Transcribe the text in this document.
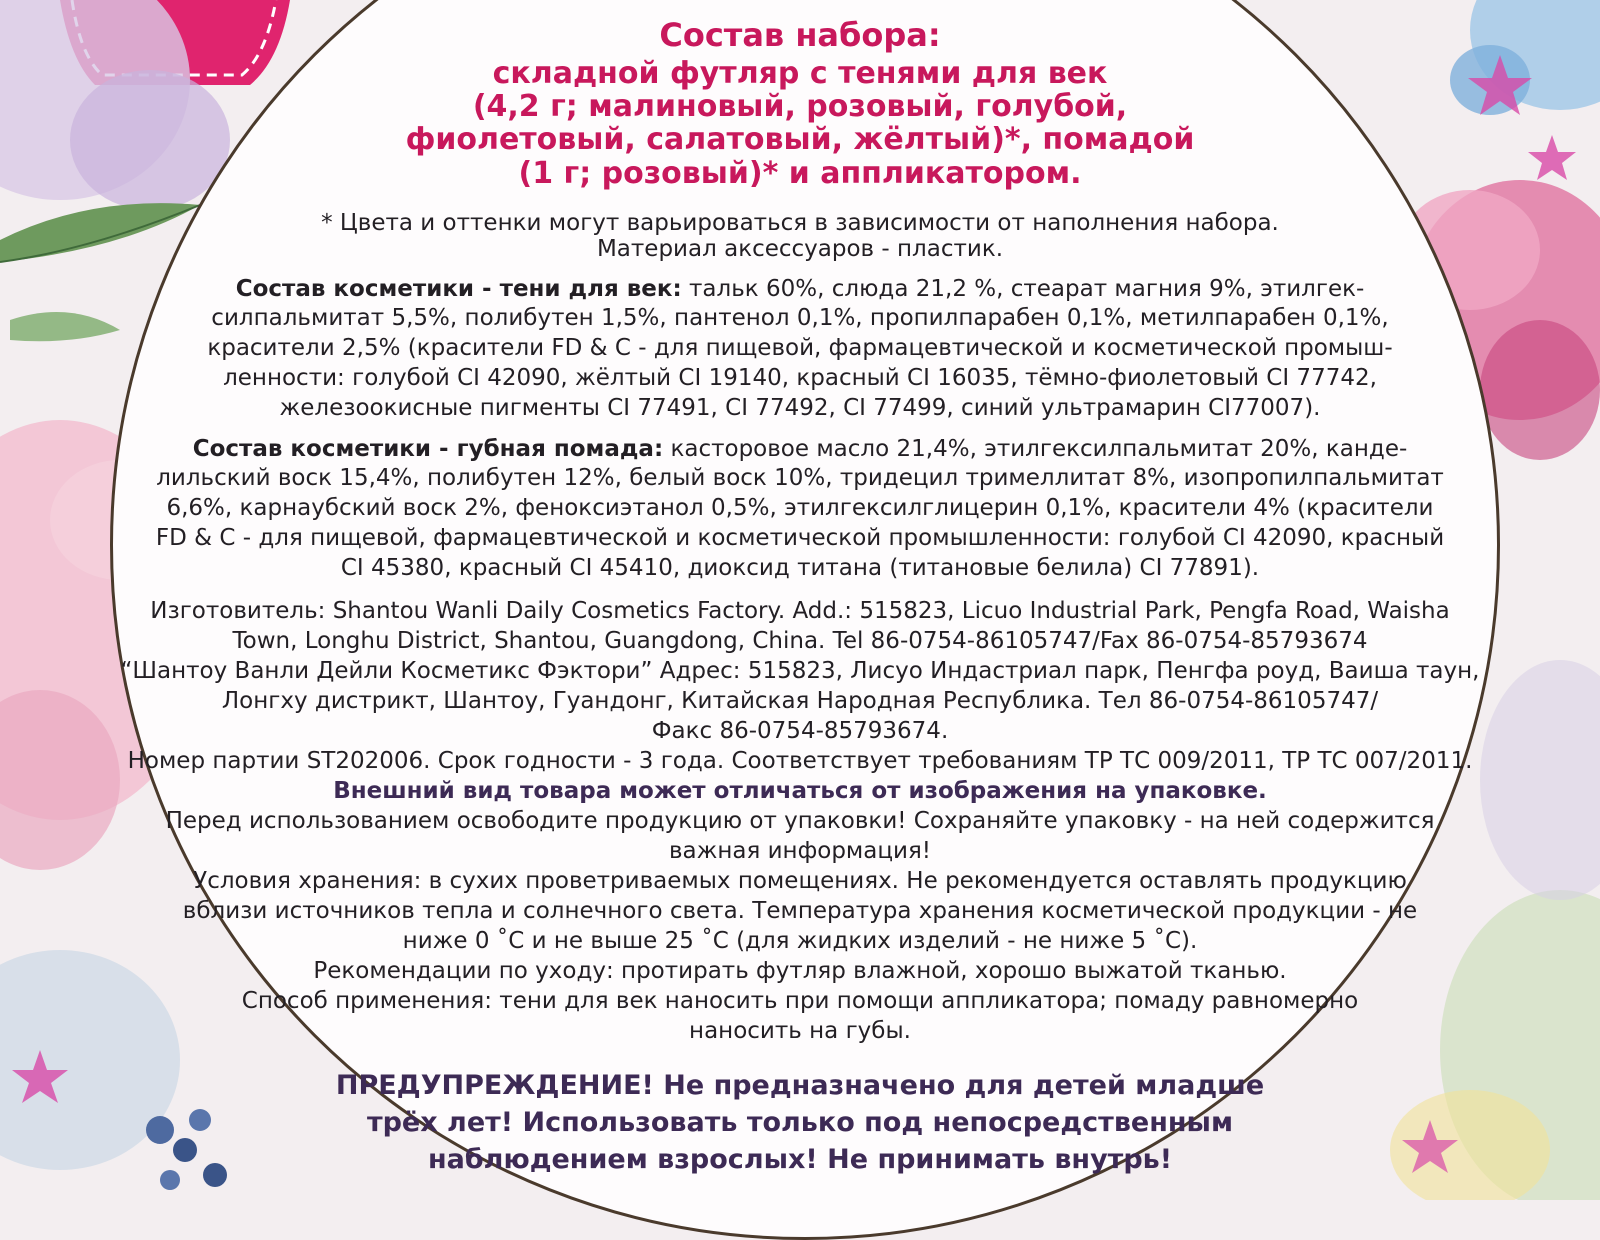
Состав набора:
складной футляр с тенями для век
(4,2 г; малиновый, розовый, голубой,
фиолетовый, салатовый, жёлтый)*, помадой
(1 г; розовый)* и аппликатором.
* Цвета и оттенки могут варьироваться в зависимости от наполнения набора.
Материал аксессуаров - пластик.
Состав косметики - тени для век: тальк 60%, слюда 21,2 %, стеарат магния 9%, этилгек-
силпальмитат 5,5%, полибутен 1,5%, пантенол 0,1%, пропилпарабен 0,1%, метилпарабен 0,1%,
красители 2,5% (красители FD & C - для пищевой, фармацевтической и косметической промыш-
ленности: голубой CI 42090, жёлтый CI 19140, красный CI 16035, тёмно-фиолетовый CI 77742,
железоокисные пигменты CI 77491, CI 77492, CI 77499, синий ультрамарин CI77007).
Состав косметики - губная помада: касторовое масло 21,4%, этилгексилпальмитат 20%, канде-
лильский воск 15,4%, полибутен 12%, белый воск 10%, тридецил тримеллитат 8%, изопропилпальмитат
6,6%, карнаубский воск 2%, феноксиэтанол 0,5%, этилгексилглицерин 0,1%, красители 4% (красители
FD & C - для пищевой, фармацевтической и косметической промышленности: голубой CI 42090, красный
CI 45380, красный CI 45410, диоксид титана (титановые белила) CI 77891).
Изготовитель: Shantou Wanli Daily Cosmetics Factory. Add.: 515823, Licuo Industrial Park, Pengfa Road, Waisha
Town, Longhu District, Shantou, Guangdong, China. Tel 86-0754-86105747/Fax 86-0754-85793674
“Шантоу Ванли Дейли Косметикс Фэктори” Адрес: 515823, Лисуо Индастриал парк, Пенгфа роуд, Ваиша таун,
Лонгху дистрикт, Шантоу, Гуандонг, Китайская Народная Республика. Тел 86-0754-86105747/
Факс 86-0754-85793674.
Номер партии ST202006. Срок годности - 3 года. Соответствует требованиям ТР ТС 009/2011, ТР ТС 007/2011.
Внешний вид товара может отличаться от изображения на упаковке.
Перед использованием освободите продукцию от упаковки! Сохраняйте упаковку - на ней содержится
важная информация!
Условия хранения: в сухих проветриваемых помещениях. Не рекомендуется оставлять продукцию
вблизи источников тепла и солнечного света. Температура хранения косметической продукции - не
ниже 0 ˚С и не выше 25 ˚С (для жидких изделий - не ниже 5 ˚С).
Рекомендации по уходу: протирать футляр влажной, хорошо выжатой тканью.
Способ применения: тени для век наносить при помощи аппликатора; помаду равномерно
наносить на губы.
ПРЕДУПРЕЖДЕНИЕ! Не предназначено для детей младше
трёх лет! Использовать только под непосредственным
наблюдением взрослых! Не принимать внутрь!
